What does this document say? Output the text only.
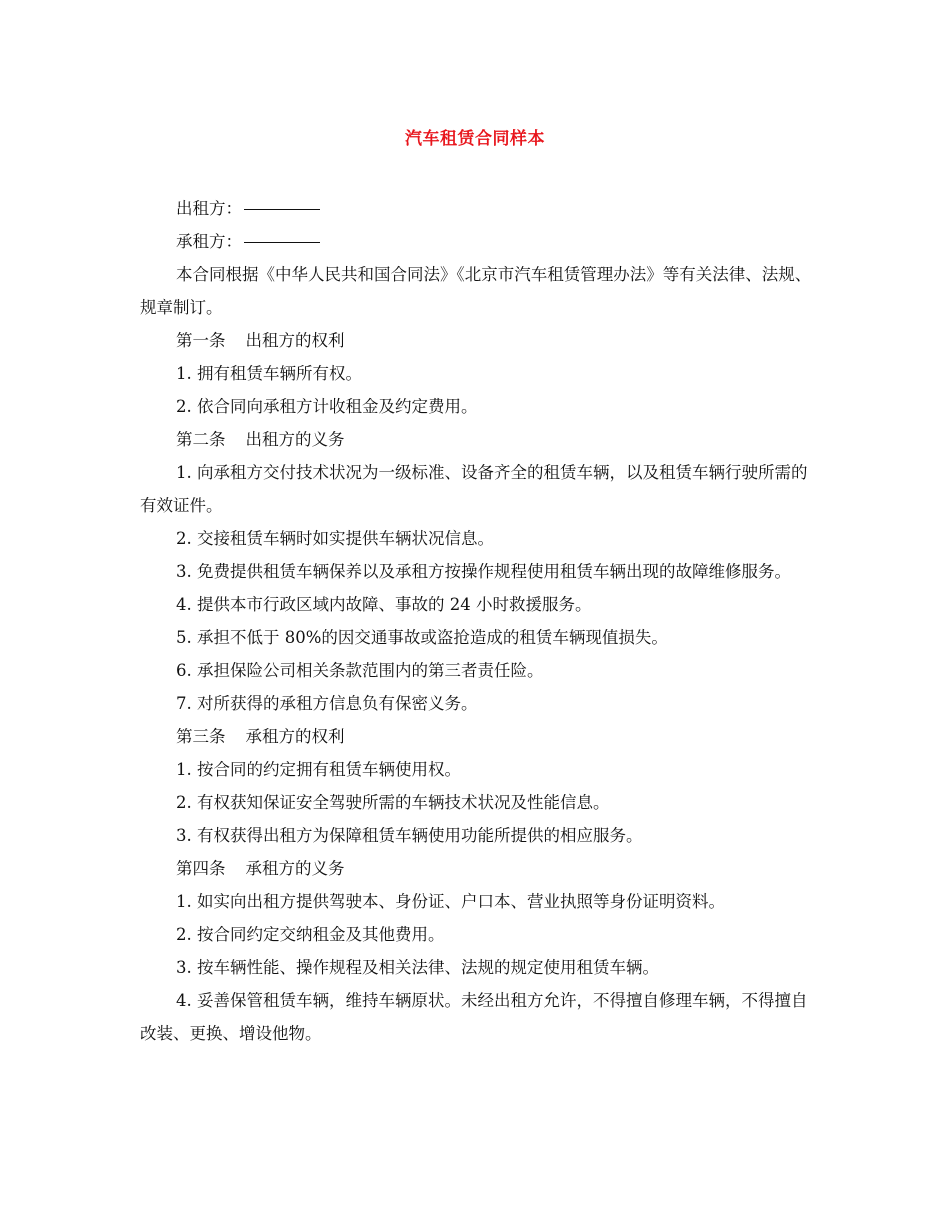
汽车租赁合同样本

出租方：

承租方：

本合同根据《中华人民共和国合同法》《北京市汽车租赁管理办法》等有关法律、法规、规章制订。

第一条 出租方的权利

1. 拥有租赁车辆所有权。

2. 依合同向承租方计收租金及约定费用。

第二条 出租方的义务

1. 向承租方交付技术状况为一级标准、设备齐全的租赁车辆，以及租赁车辆行驶所需的有效证件。

2. 交接租赁车辆时如实提供车辆状况信息。

3. 免费提供租赁车辆保养以及承租方按操作规程使用租赁车辆出现的故障维修服务。

4. 提供本市行政区域内故障、事故的 24 小时救援服务。

5. 承担不低于 80%的因交通事故或盗抢造成的租赁车辆现值损失。

6. 承担保险公司相关条款范围内的第三者责任险。

7. 对所获得的承租方信息负有保密义务。

第三条 承租方的权利

1. 按合同的约定拥有租赁车辆使用权。

2. 有权获知保证安全驾驶所需的车辆技术状况及性能信息。

3. 有权获得出租方为保障租赁车辆使用功能所提供的相应服务。

第四条 承租方的义务

1. 如实向出租方提供驾驶本、身份证、户口本、营业执照等身份证明资料。

2. 按合同约定交纳租金及其他费用。

3. 按车辆性能、操作规程及相关法律、法规的规定使用租赁车辆。

4. 妥善保管租赁车辆，维持车辆原状。未经出租方允许，不得擅自修理车辆，不得擅自改装、更换、增设他物。
